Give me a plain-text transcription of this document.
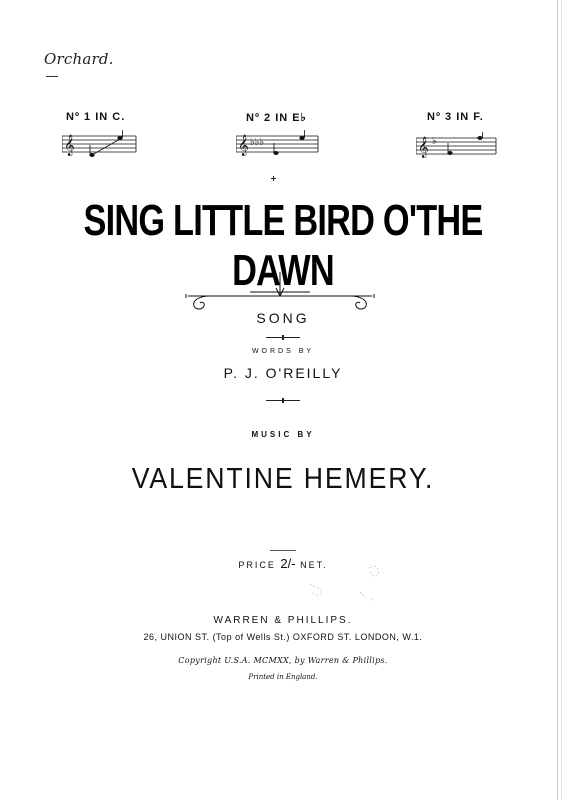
Orchard.
Nº 1 IN C.
𝄞
Nº 2 IN E♭
𝄞 ♭♭♭
Nº 3 IN F.
𝄞 ♭
SING LITTLE BIRD O'THE DAWN
SONG
WORDS BY
P. J. O'REILLY
MUSIC BY
VALENTINE HEMERY.
PRICE 2/- NET.
WARREN & PHILLIPS.
26, UNION ST. (Top of Wells St.) OXFORD ST. LONDON, W.1.
Copyright U.S.A. MCMXX, by Warren & Phillips.
Printed in England.
